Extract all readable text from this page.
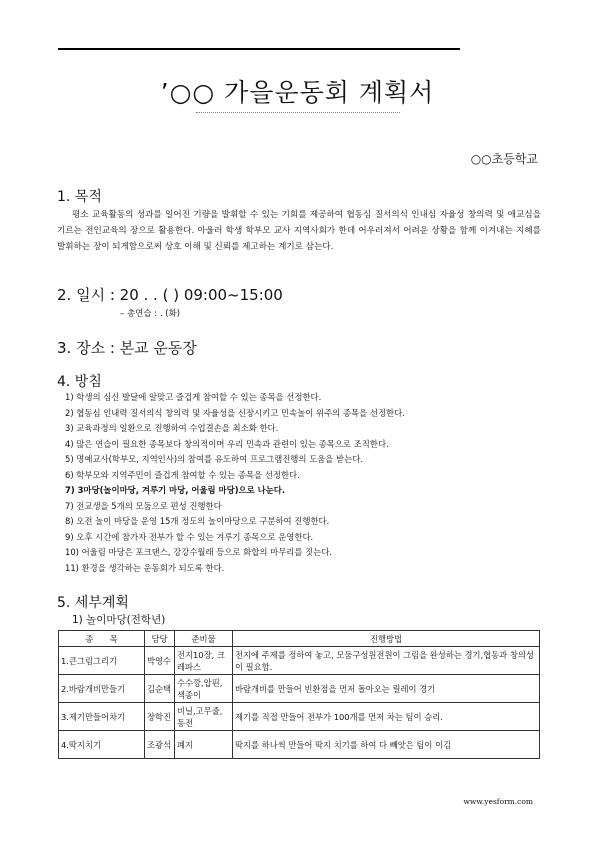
’○○ 가을운동회 계획서
○○초등학교
1. 목적
평소 교육활동의 성과를 일어진 기량을 발휘할 수 있는 기회를 제공하여 협동심 질서의식 인내심 자율성 창의력 및 애교심을 기르는 전인교육의 장으로 활용한다. 아울러 학생 학부모 교사 지역사회가 한데 어우러져서 어려운 상황을 함께 이겨내는 지혜를 발휘하는 장이 되게함으로써 상호 이해 및 신뢰를 제고하는 계기로 삼는다.
2. 일시 : 20 . . ( ) 09:00~15:00
– 총연습 : . (화)
3. 장소 : 본교 운동장
4. 방침
1) 학생의 심신 발달에 알맞고 즐겁게 참여할 수 있는 종목을 선정한다.
2) 협동심 인내력 질서의식 창의력 및 자율성을 신장시키고 민속놀이 위주의 종목을 선정한다.
3) 교육과정의 일환으로 진행하여 수업결손을 최소화 한다.
4) 많은 연습이 필요한 종목보다 창의적이며 우리 민속과 관련이 있는 종목으로 조직한다.
5) 명예교사(학부모, 지역인사)의 참여를 유도하여 프로그램진행의 도움을 받는다.
6) 학부모와 지역주민이 즐겁게 참여할 수 있는 종목을 선정한다.
7) 3마당(놀이마당, 겨루기 마당, 어울림 마당)으로 나눈다.
7) 전교생을 5개의 모둠으로 편성 진행한다
8) 오전 놀이 마당을 운영 15개 정도의 놀이마당으로 구분하여 진행한다.
9) 오후 시간에 참가자 전부가 할 수 있는 겨루기 종목으로 운영한다.
10) 어울림 마당은 포크댄스, 강강수월래 등으로 화합의 마무리를 짓는다.
11) 환경을 생각하는 운동회가 되도록 한다.
5. 세부계획
1) 놀이마당(전학년)
종　　목	담당	준비물	진행방법
1.큰그림그리기	박영수	전지10장, 크레파스	전지에 주제를 정하여 놓고, 모둠구성원전원이 그림을 완성하는 경기,협동과 창의성이 필요함.
2.바람개비만들기	김순택	수수깡,압핀, 색종이	바람개비를 만들어 빈환점을 먼저 돌아오는 릴레이 경기
3.제기만들어차기	장학진	비닐,고무줄, 동전	제기를 직접 만들어 전부가 100개를 먼저 차는 팀이 승리.
4.딱지치기	조광석	폐지	딱지를 하나씩 만들어 딱지 치기를 하여 다 빼앗은 팀이 이김
www.yesform.com
